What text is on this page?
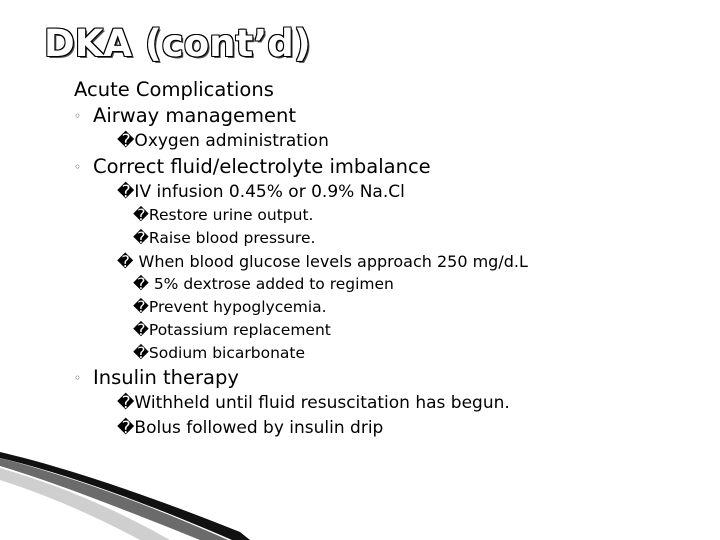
DKA (cont’d)
Acute Complications
◦ Airway management
�Oxygen administration
◦ Correct fluid/electrolyte imbalance
�IV infusion 0.45% or 0.9% Na.Cl
�Restore urine output.
�Raise blood pressure.
� When blood glucose levels approach 250 mg/d.L
� 5% dextrose added to regimen
�Prevent hypoglycemia.
�Potassium replacement
�Sodium bicarbonate
◦ Insulin therapy
�Withheld until fluid resuscitation has begun.
�Bolus followed by insulin drip
